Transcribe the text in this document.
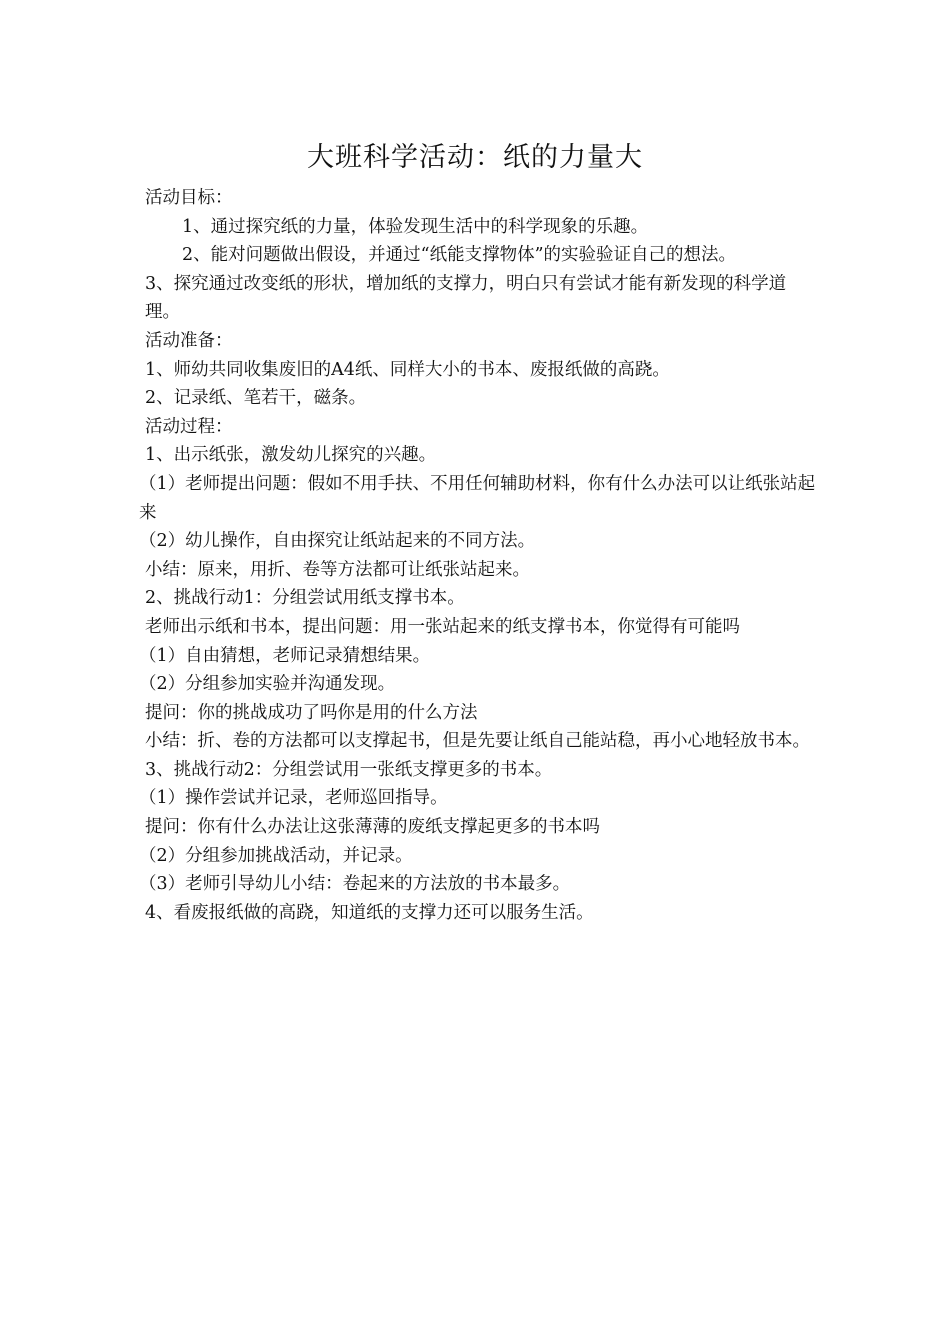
大班科学活动：纸的力量大
活动目标：
1、通过探究纸的力量，体验发现生活中的科学现象的乐趣。
2、能对问题做出假设，并通过“纸能支撑物体”的实验验证自己的想法。
3、探究通过改变纸的形状，增加纸的支撑力，明白只有尝试才能有新发现的科学道理。
活动准备：
1、师幼共同收集废旧的A4纸、同样大小的书本、废报纸做的高跷。
2、记录纸、笔若干，磁条。
活动过程：
1、出示纸张，激发幼儿探究的兴趣。
（1）老师提出问题：假如不用手扶、不用任何辅助材料，你有什么办法可以让纸张站起来
（2）幼儿操作，自由探究让纸站起来的不同方法。
小结：原来，用折、卷等方法都可让纸张站起来。
2、挑战行动1：分组尝试用纸支撑书本。
老师出示纸和书本，提出问题：用一张站起来的纸支撑书本，你觉得有可能吗
（1）自由猜想，老师记录猜想结果。
（2）分组参加实验并沟通发现。
提问：你的挑战成功了吗你是用的什么方法
小结：折、卷的方法都可以支撑起书，但是先要让纸自己能站稳，再小心地轻放书本。
3、挑战行动2：分组尝试用一张纸支撑更多的书本。
（1）操作尝试并记录，老师巡回指导。
提问：你有什么办法让这张薄薄的废纸支撑起更多的书本吗
（2）分组参加挑战活动，并记录。
（3）老师引导幼儿小结：卷起来的方法放的书本最多。
4、看废报纸做的高跷，知道纸的支撑力还可以服务生活。
